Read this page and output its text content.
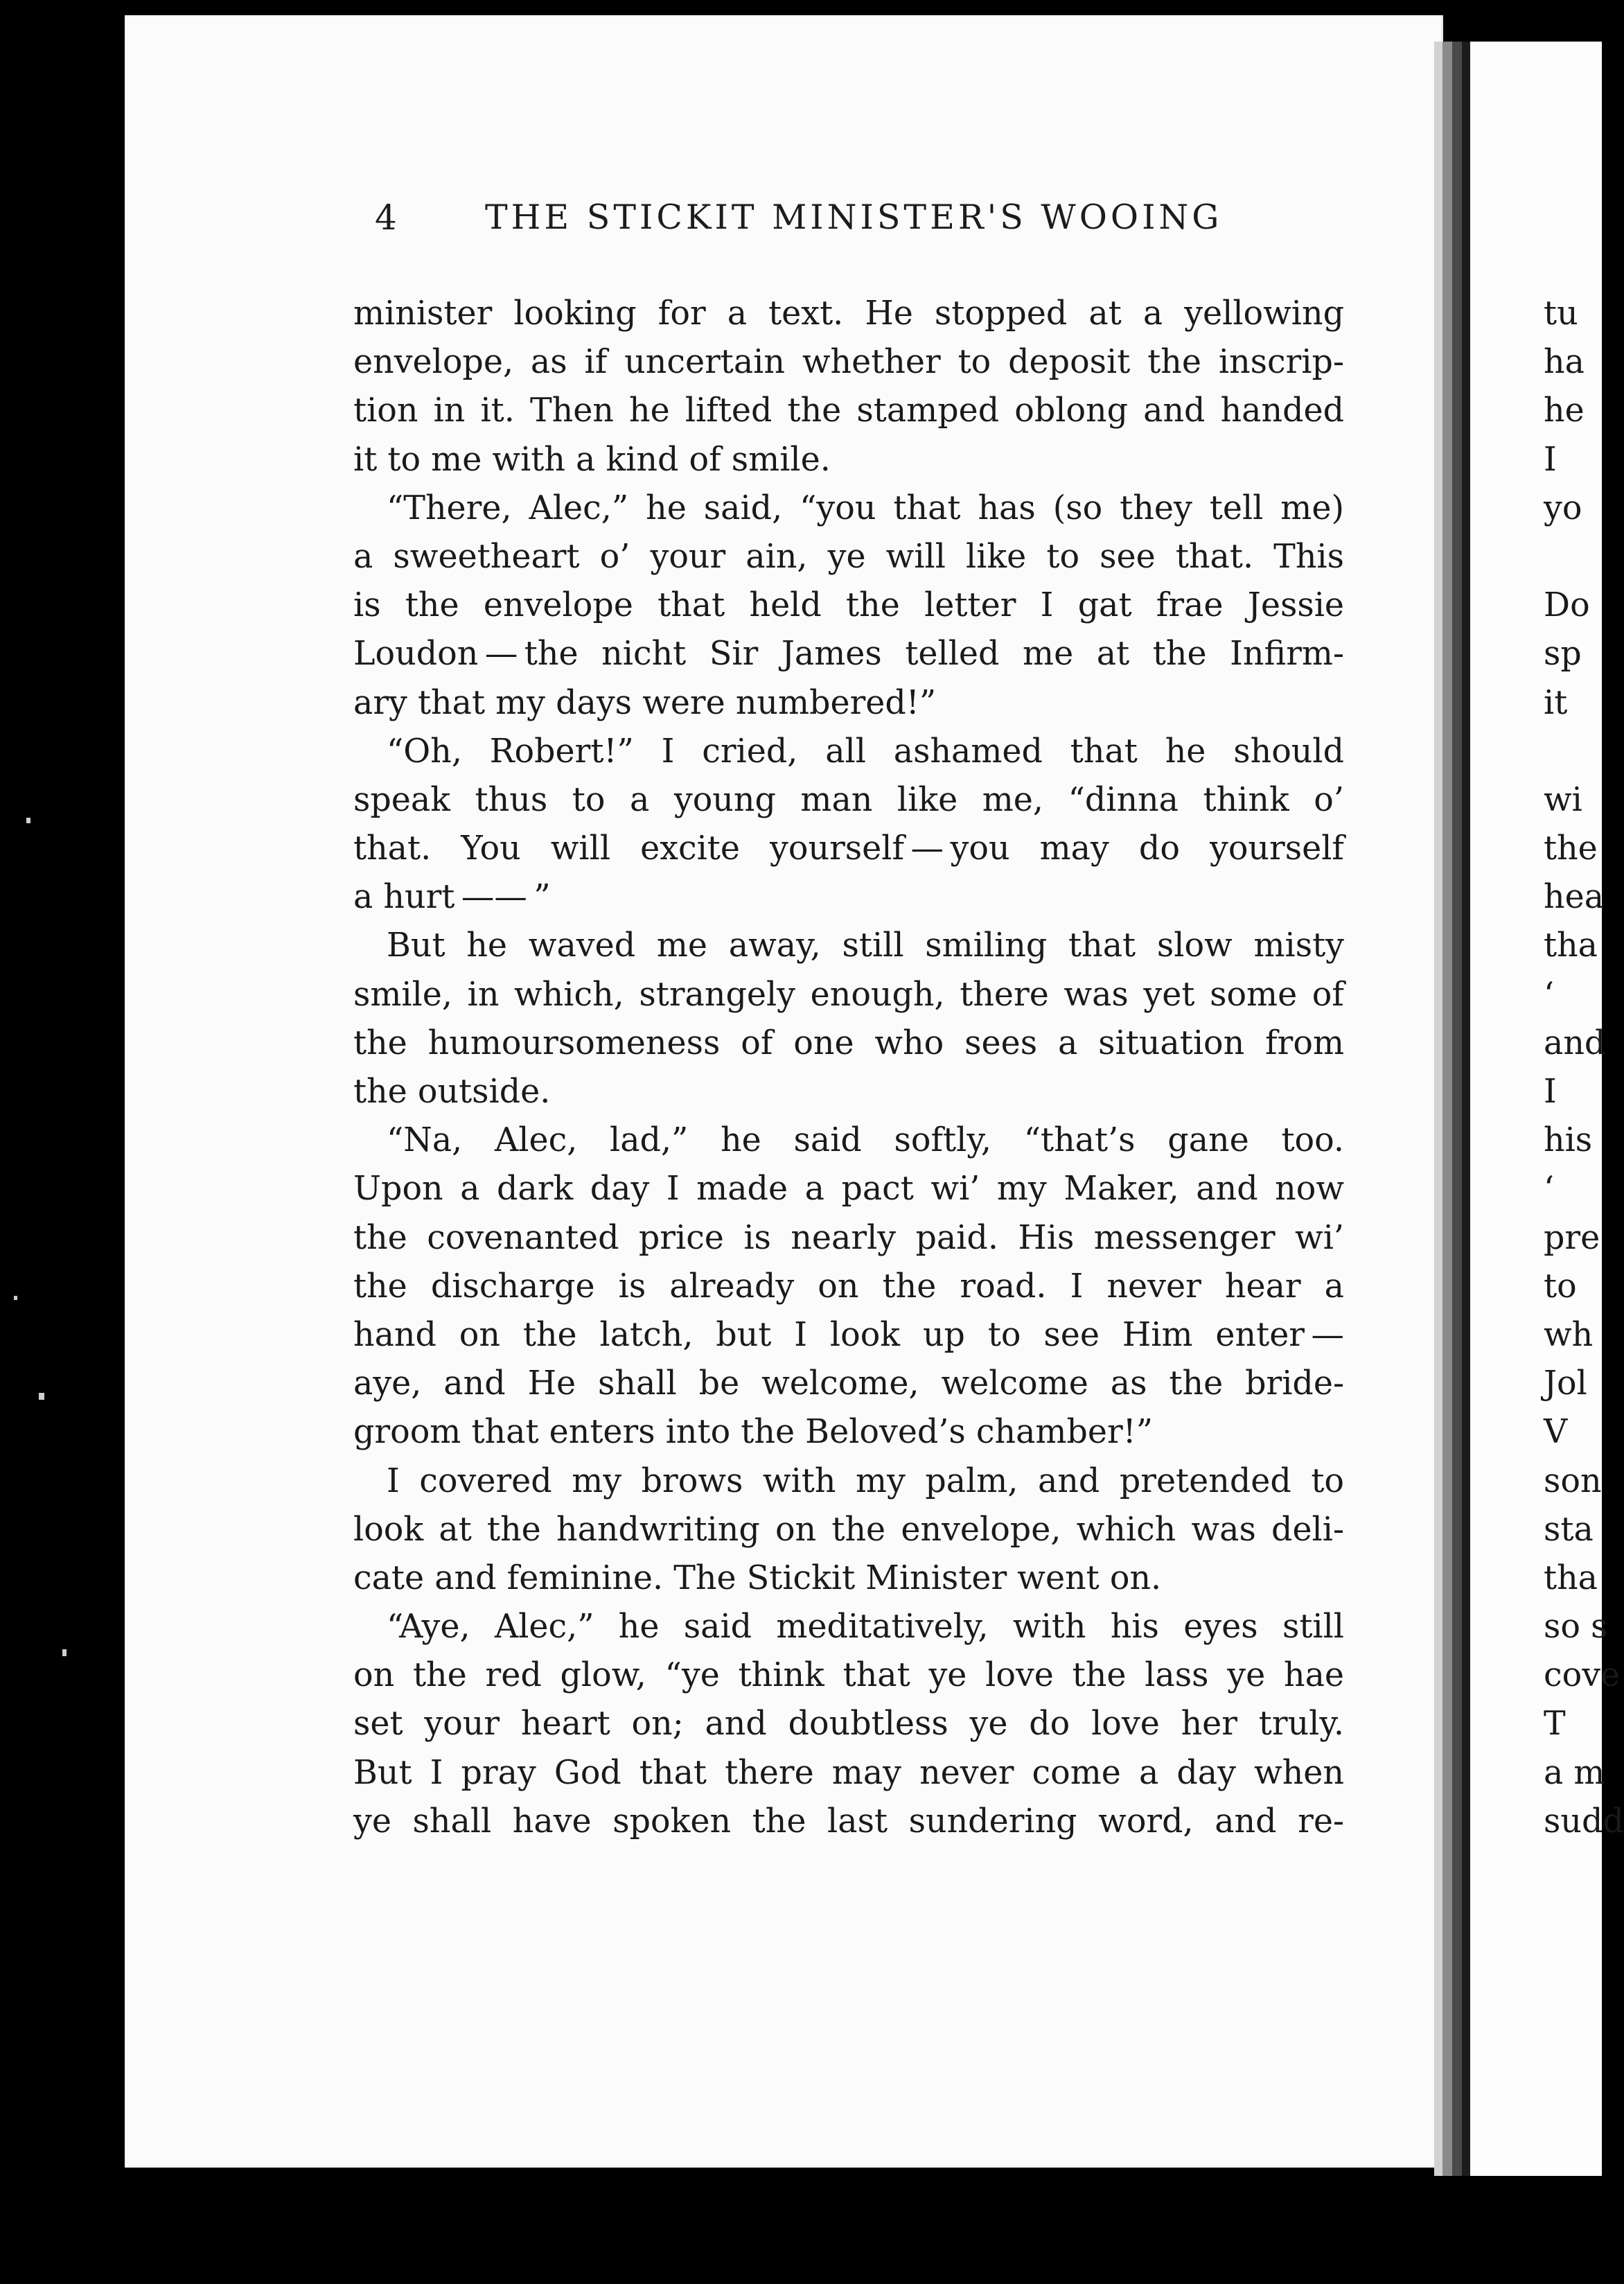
4	THE STICKIT MINISTER'S WOOING
minister looking for a text. He stopped at a yellowing
envelope, as if uncertain whether to deposit the inscrip-
tion in it. Then he lifted the stamped oblong and handed
it to me with a kind of smile.
“There, Alec,” he said, “you that has (so they tell me)
a sweetheart o’ your ain, ye will like to see that. This
is the envelope that held the letter I gat frae Jessie
Loudon — the nicht Sir James telled me at the Infirm-
ary that my days were numbered!”
“Oh, Robert!” I cried, all ashamed that he should
speak thus to a young man like me, “dinna think o’
that. You will excite yourself — you may do yourself
a hurt —— ”
But he waved me away, still smiling that slow misty
smile, in which, strangely enough, there was yet some of
the humoursomeness of one who sees a situation from
the outside.
“Na, Alec, lad,” he said softly, “that’s gane too.
Upon a dark day I made a pact wi’ my Maker, and now
the covenanted price is nearly paid. His messenger wi’
the discharge is already on the road. I never hear a
hand on the latch, but I look up to see Him enter —
aye, and He shall be welcome, welcome as the bride-
groom that enters into the Beloved’s chamber!”
I covered my brows with my palm, and pretended to
look at the handwriting on the envelope, which was deli-
cate and feminine. The Stickit Minister went on.
“Aye, Alec,” he said meditatively, with his eyes still
on the red glow, “ye think that ye love the lass ye hae
set your heart on; and doubtless ye do love her truly.
But I pray God that there may never come a day when
ye shall have spoken the last sundering word, and re-
tu
ha
he
I
yo
Do
sp
it
wi
the
hea
tha
‘
and
I
his
‘
pre
to
wh
Jol
V
son
sta
tha
so s
cove
T
a m
sudd
